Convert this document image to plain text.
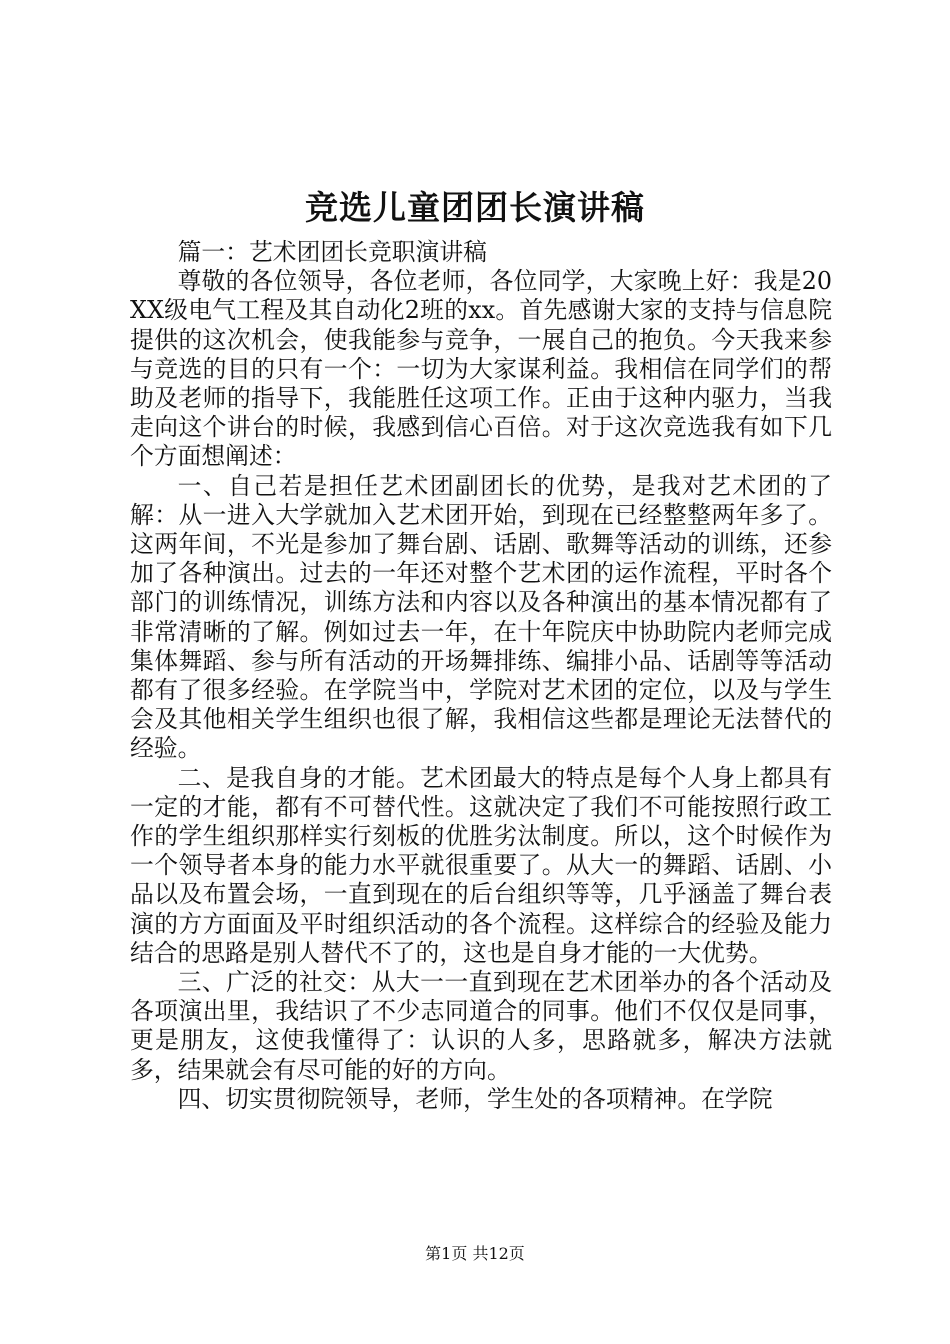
竞选儿童团团长演讲稿

篇一：艺术团团长竞职演讲稿

尊敬的各位领导，各位老师，各位同学，大家晚上好：我是20XX级电气工程及其自动化2班的xx。首先感谢大家的支持与信息院提供的这次机会，使我能参与竞争，一展自己的抱负。今天我来参与竞选的目的只有一个：一切为大家谋利益。我相信在同学们的帮助及老师的指导下，我能胜任这项工作。正由于这种内驱力，当我走向这个讲台的时候，我感到信心百倍。对于这次竞选我有如下几个方面想阐述：

一、自己若是担任艺术团副团长的优势，是我对艺术团的了解：从一进入大学就加入艺术团开始，到现在已经整整两年多了。这两年间，不光是参加了舞台剧、话剧、歌舞等活动的训练，还参加了各种演出。过去的一年还对整个艺术团的运作流程，平时各个部门的训练情况，训练方法和内容以及各种演出的基本情况都有了非常清晰的了解。例如过去一年，在十年院庆中协助院内老师完成集体舞蹈、参与所有活动的开场舞排练、编排小品、话剧等等活动都有了很多经验。在学院当中，学院对艺术团的定位，以及与学生会及其他相关学生组织也很了解，我相信这些都是理论无法替代的经验。

二、是我自身的才能。艺术团最大的特点是每个人身上都具有一定的才能，都有不可替代性。这就决定了我们不可能按照行政工作的学生组织那样实行刻板的优胜劣汰制度。所以，这个时候作为一个领导者本身的能力水平就很重要了。从大一的舞蹈、话剧、小品以及布置会场，一直到现在的后台组织等等，几乎涵盖了舞台表演的方方面面及平时组织活动的各个流程。这样综合的经验及能力结合的思路是别人替代不了的，这也是自身才能的一大优势。

三、广泛的社交：从大一一直到现在艺术团举办的各个活动及各项演出里，我结识了不少志同道合的同事。他们不仅仅是同事，更是朋友，这使我懂得了：认识的人多，思路就多，解决方法就多，结果就会有尽可能的好的方向。

四、切实贯彻院领导，老师，学生处的各项精神。在学院

第1页 共12页
